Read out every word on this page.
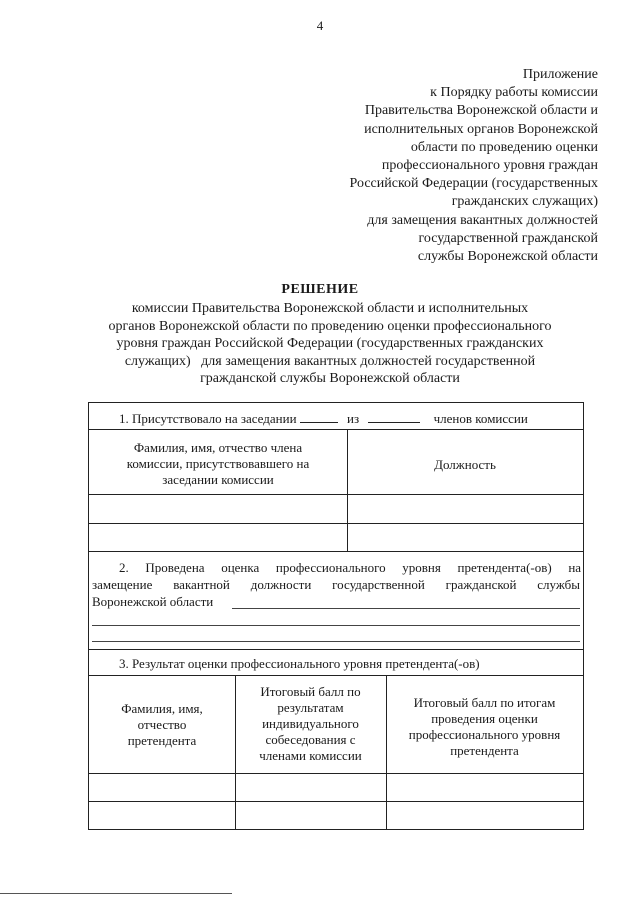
4
Приложение
к Порядку работы комиссии
Правительства Воронежской области и
исполнительных органов Воронежской
области по проведению оценки
профессионального уровня граждан
Российской Федерации (государственных
гражданских служащих)
для замещения вакантных должностей
государственной гражданской
службы Воронежской области
РЕШЕНИЕ
комиссии Правительства Воронежской области и исполнительных
органов Воронежской области по проведению оценки профессионального
уровня граждан Российской Федерации (государственных гражданских
служащих)   для замещения вакантных должностей государственной
гражданской службы Воронежской области
1. Присутствовало на заседании	из	членов комиссии
Фамилия, имя, отчество члена
комиссии, присутствовавшего на
заседании комиссии
Должность
2. Проведена оценка профессионального уровня претендента(-ов) на
замещение вакантной должности государственной гражданской службы
Воронежской области
3. Результат оценки профессионального уровня претендента(-ов)
Фамилия, имя,
отчество
претендента
Итоговый балл по
результатам
индивидуального
собеседования с
членами комиссии
Итоговый балл по итогам
проведения оценки
профессионального уровня
претендента
